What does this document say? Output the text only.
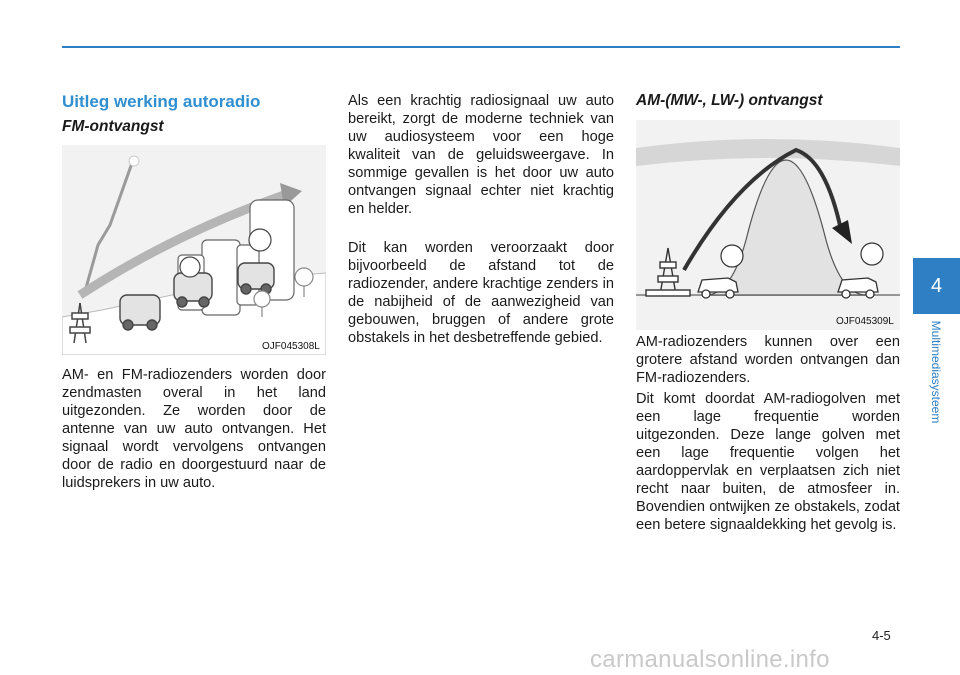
Uitleg werking autoradio
FM-ontvangst
OJF045308L

AM- en FM-radiozenders worden door zendmasten overal in het land uitgezonden. Ze worden door de antenne van uw auto ontvangen. Het signaal wordt vervolgens ontvangen door de radio en doorgestuurd naar de luidsprekers in uw auto.

Als een krachtig radiosignaal uw auto bereikt, zorgt de moderne techniek van uw audiosysteem voor een hoge kwaliteit van de geluidsweergave. In sommige gevallen is het door uw auto ontvangen signaal echter niet krachtig en helder.

Dit kan worden veroorzaakt door bijvoorbeeld de afstand tot de radiozender, andere krachtige zenders in de nabijheid of de aanwezigheid van gebouwen, bruggen of andere grote obstakels in het desbetreffende gebied.

AM-(MW-, LW-) ontvangst
OJF045309L

AM-radiozenders kunnen over een grotere afstand worden ontvangen dan FM-radiozenders.

Dit komt doordat AM-radiogolven met een lage frequentie worden uitgezonden. Deze lange golven met een lage frequentie volgen het aardoppervlak en verplaatsen zich niet recht naar buiten, de atmosfeer in. Bovendien ontwijken ze obstakels, zodat een betere signaaldekking het gevolg is.

4
Multimediasysteem
4-5
carmanualsonline.info
